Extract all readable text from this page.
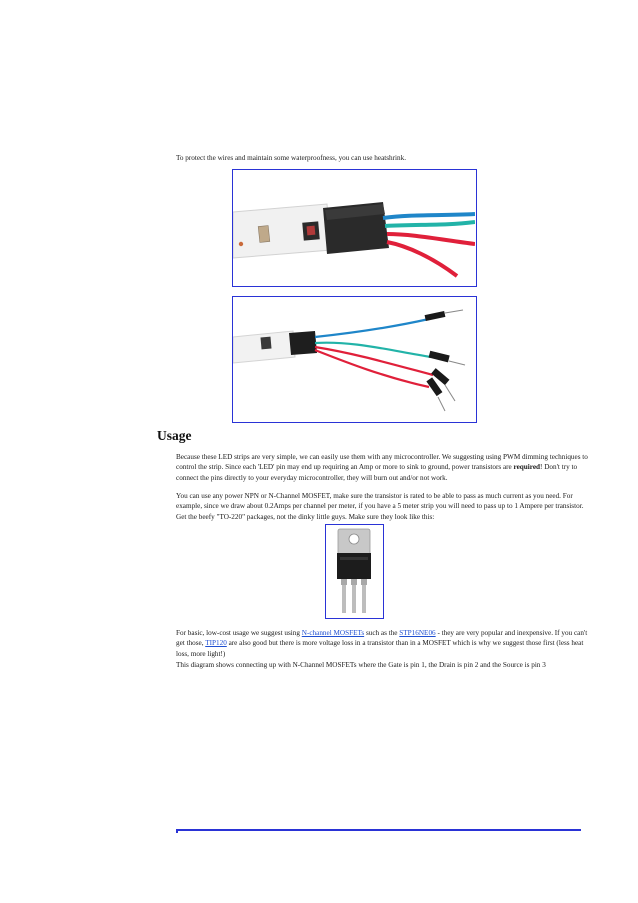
To protect the wires and maintain some waterproofness, you can use heatshrink.
Usage
Because these LED strips are very simple, we can easily use them with any microcontroller. We suggesting using PWM dimming techniques to control the strip. Since each 'LED' pin may end up requiring an Amp or more to sink to ground, power transistors are required! Don't try to connect the pins directly to your everyday microcontroller, they will burn out and/or not work.
You can use any power NPN or N-Channel MOSFET, make sure the transistor is rated to be able to pass as much current as you need. For example, since we draw about 0.2Amps per channel per meter, if you have a 5 meter strip you will need to pass up to 1 Ampere per transistor. Get the beefy "TO-220" packages, not the dinky little guys. Make sure they look like this:
For basic, low-cost usage we suggest using N-channel MOSFETs such as the STP16NE06 - they are very popular and inexpensive. If you can't get those, TIP120 are also good but there is more voltage loss in a transistor than in a MOSFET which is why we suggest those first (less heat loss, more light!)
This diagram shows connecting up with N-Channel MOSFETs where the Gate is pin 1, the Drain is pin 2 and the Source is pin 3
